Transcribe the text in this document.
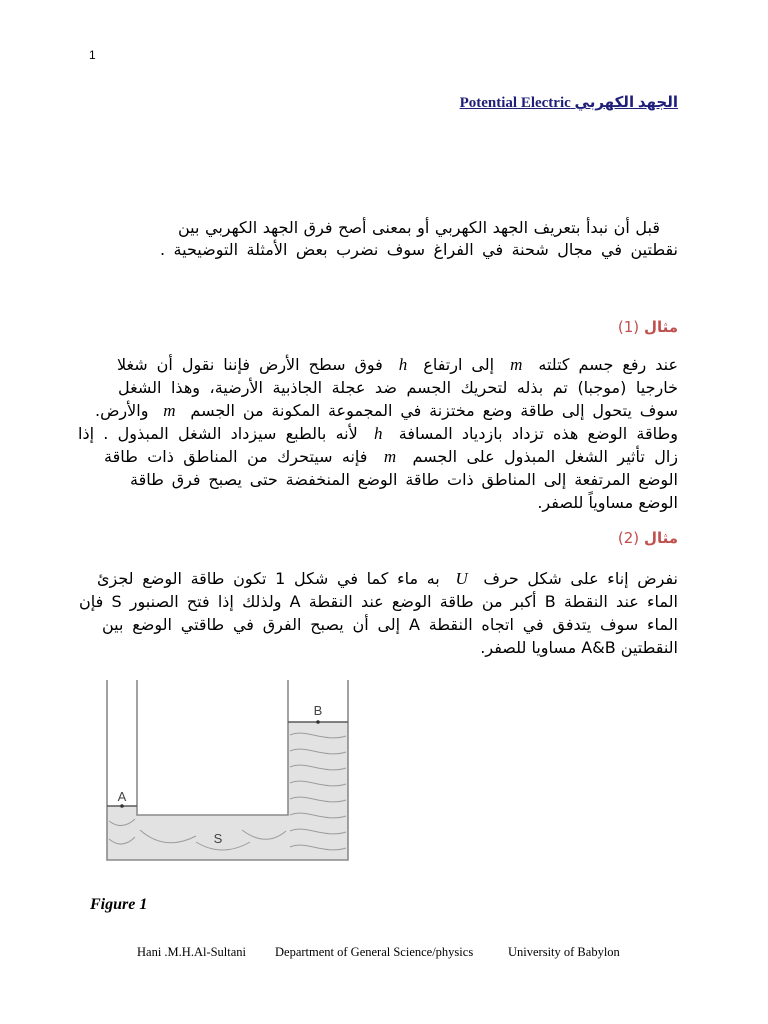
1
الجهد الكهربي Potential Electric
قبل أن نبدأ بتعريف الجهد الكهربي أو بمعنى أصح فرق الجهد الكهربي بين
نقطتين في مجال شحنة في الفراغ سوف نضرب بعض الأمثلة التوضيحية .
مثال (1)
عند رفع جسم كتلته m إلى ارتفاع h فوق سطح الأرض فإننا نقول أن شغلا
خارجيا (موجبا) تم بذله لتحريك الجسم ضد عجلة الجاذبية الأرضية، وهذا الشغل
سوف يتحول إلى طاقة وضع مختزنة في المجموعة المكونة من الجسم m والأرض.
وطاقة الوضع هذه تزداد بازدياد المسافة h لأنه بالطبع سيزداد الشغل المبذول . إذا
زال تأثير الشغل المبذول على الجسم m فإنه سيتحرك من المناطق ذات طاقة
الوضع المرتفعة إلى المناطق ذات طاقة الوضع المنخفضة حتى يصبح فرق طاقة
الوضع مساوياً للصفر.
مثال (2)
نفرض إناء على شكل حرف U به ماء كما في شكل 1 تكون طاقة الوضع لجزئ
الماء عند النقطة B أكبر من طاقة الوضع عند النقطة A ولذلك إذا فتح الصنبور S فإن
الماء سوف يتدفق في اتجاه النقطة A إلى أن يصبح الفرق في طاقتي الوضع بين
النقطتين A&B مساويا للصفر.
A
B
S
Figure 1
Hani .M.H.Al-Sultani Department of General Science/physics	University of Babylon
